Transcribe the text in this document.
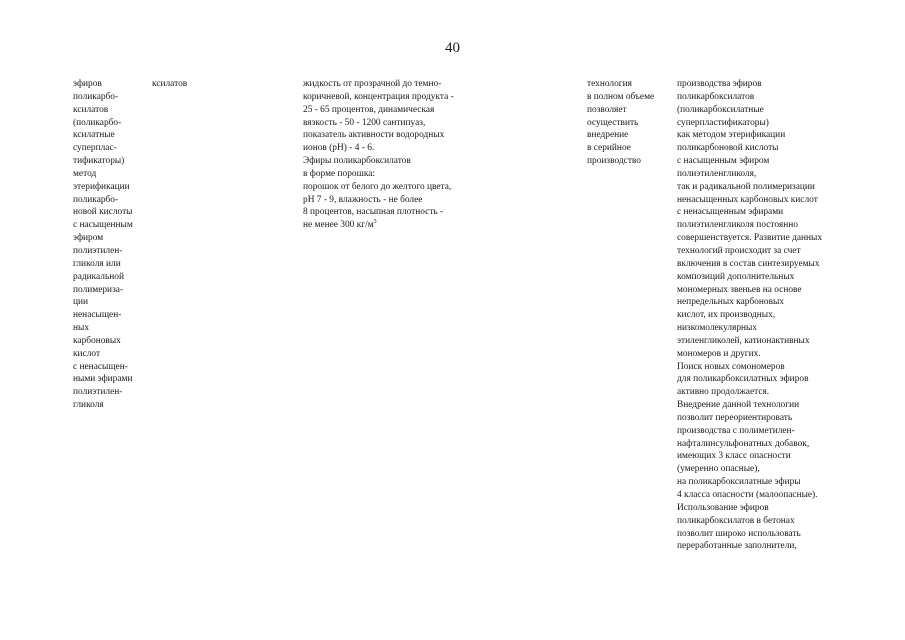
40
эфиров
поликарбо-
ксилатов
(поликарбо-
ксилатные
суперплас-
тификаторы)
метод
этерификации
поликарбо-
новой кислоты
с насыщенным
эфиром
полиэтилен-
гликоля или
радикальной
полимериза-
ции
ненасыщен-
ных
карбоновых
кислот
с ненасыщен-
ными эфирами
полиэтилен-
гликоля
ксилатов	жидкость от прозрачной до темно-
коричневой, концентрация продукта -
25 - 65 процентов, динамическая
вязкость - 50 - 1200 сантипуаз,
показатель активности водородных
ионов (pH) - 4 - 6.
Эфиры поликарбоксилатов
в форме порошка:
порошок от белого до желтого цвета,
pH 7 - 9, влажность - не более
8 процентов, насыпная плотность -
не менее 300 $кг/м^3$
технология
в полном объеме
позволяет
осуществить
внедрение
в серийное
производство
производства эфиров
поликарбоксилатов
(поликарбоксилатные
суперпластификаторы)
как методом этерификации
поликарбоновой кислоты
с насыщенным эфиром
полиэтиленгликоля,
так и радикальной полимеризации
ненасыщенных карбоновых кислот
с ненасыщенным эфирами
полиэтиленгликоля постоянно
совершенствуется. Развитие данных
технологий происходит за счет
включения в состав синтезируемых
композиций дополнительных
мономерных звеньев на основе
непредельных карбоновых
кислот, их производных,
низкомолекулярных
этиленгликолей, катионактивных
мономеров и других.
Поиск новых сомономеров
для поликарбоксилатных эфиров
активно продолжается.
Внедрение данной технологии
позволит переориентировать
производства с полиметилен-
нафталинсульфонатных добавок,
имеющих 3 класс опасности
(умеренно опасные),
на поликарбоксилатные эфиры
4 класса опасности (малоопасные).
Использование эфиров
поликарбоксилатов в бетонах
позволит широко использовать
переработанные заполнители,
